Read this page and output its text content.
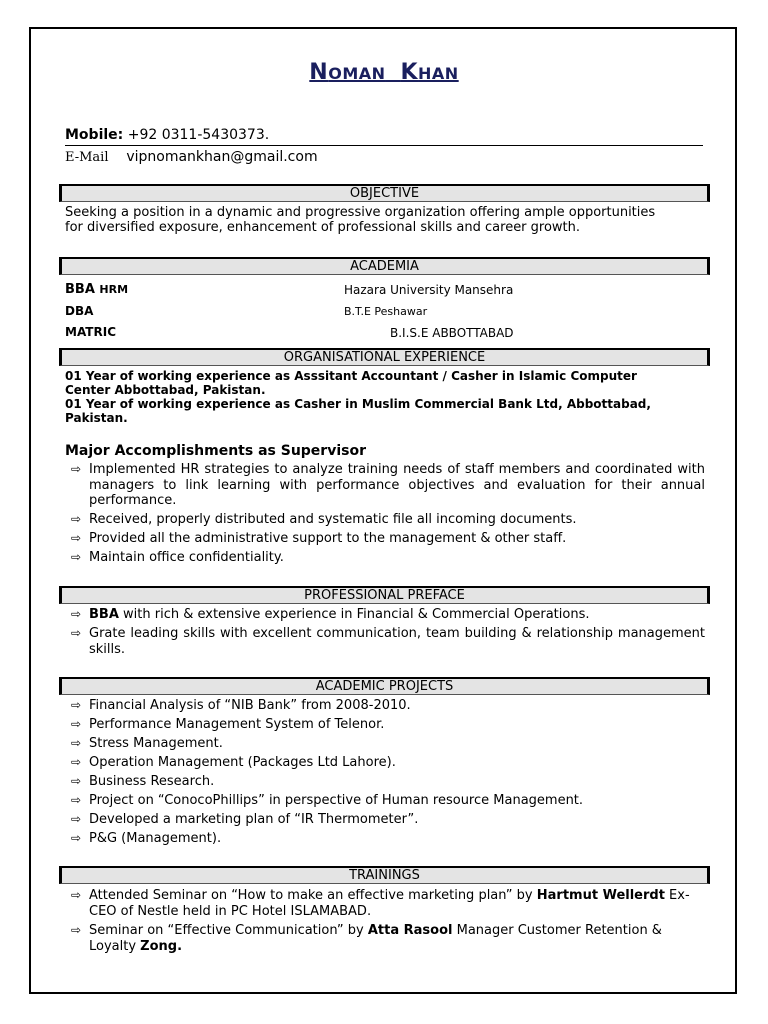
NOMAN KHAN
Mobile: +92 0311-5430373.
E-Mail vipnomankhan@gmail.com
OBJECTIVE
Seeking a position in a dynamic and progressive organization offering ample opportunities
for diversified exposure, enhancement of professional skills and career growth.
ACADEMIA
BBA HRM	Hazara University Mansehra
DBA	B.T.E Peshawar
MATRIC	B.I.S.E ABBOTTABAD
ORGANISATIONAL EXPERIENCE
01 Year of working experience as Asssitant Accountant / Casher in Islamic Computer
Center Abbottabad, Pakistan.
01 Year of working experience as Casher in Muslim Commercial Bank Ltd, Abbottabad,
Pakistan.
Major Accomplishments as Supervisor
⇨ Implemented HR strategies to analyze training needs of staff members and coordinated with managers to link learning with performance objectives and evaluation for their annual performance.
⇨ Received, properly distributed and systematic file all incoming documents.
⇨ Provided all the administrative support to the management & other staff.
⇨ Maintain office confidentiality.
PROFESSIONAL PREFACE
⇨ BBA with rich & extensive experience in Financial & Commercial Operations.
⇨ Grate leading skills with excellent communication, team building & relationship management skills.
ACADEMIC PROJECTS
⇨ Financial Analysis of “NIB Bank” from 2008-2010.
⇨ Performance Management System of Telenor.
⇨ Stress Management.
⇨ Operation Management (Packages Ltd Lahore).
⇨ Business Research.
⇨ Project on “ConocoPhillips” in perspective of Human resource Management.
⇨ Developed a marketing plan of “IR Thermometer”.
⇨ P&G (Management).
TRAININGS
⇨ Attended Seminar on “How to make an effective marketing plan” by Hartmut Wellerdt Ex-CEO of Nestle held in PC Hotel ISLAMABAD.
⇨ Seminar on “Effective Communication” by Atta Rasool Manager Customer Retention & Loyalty Zong.
